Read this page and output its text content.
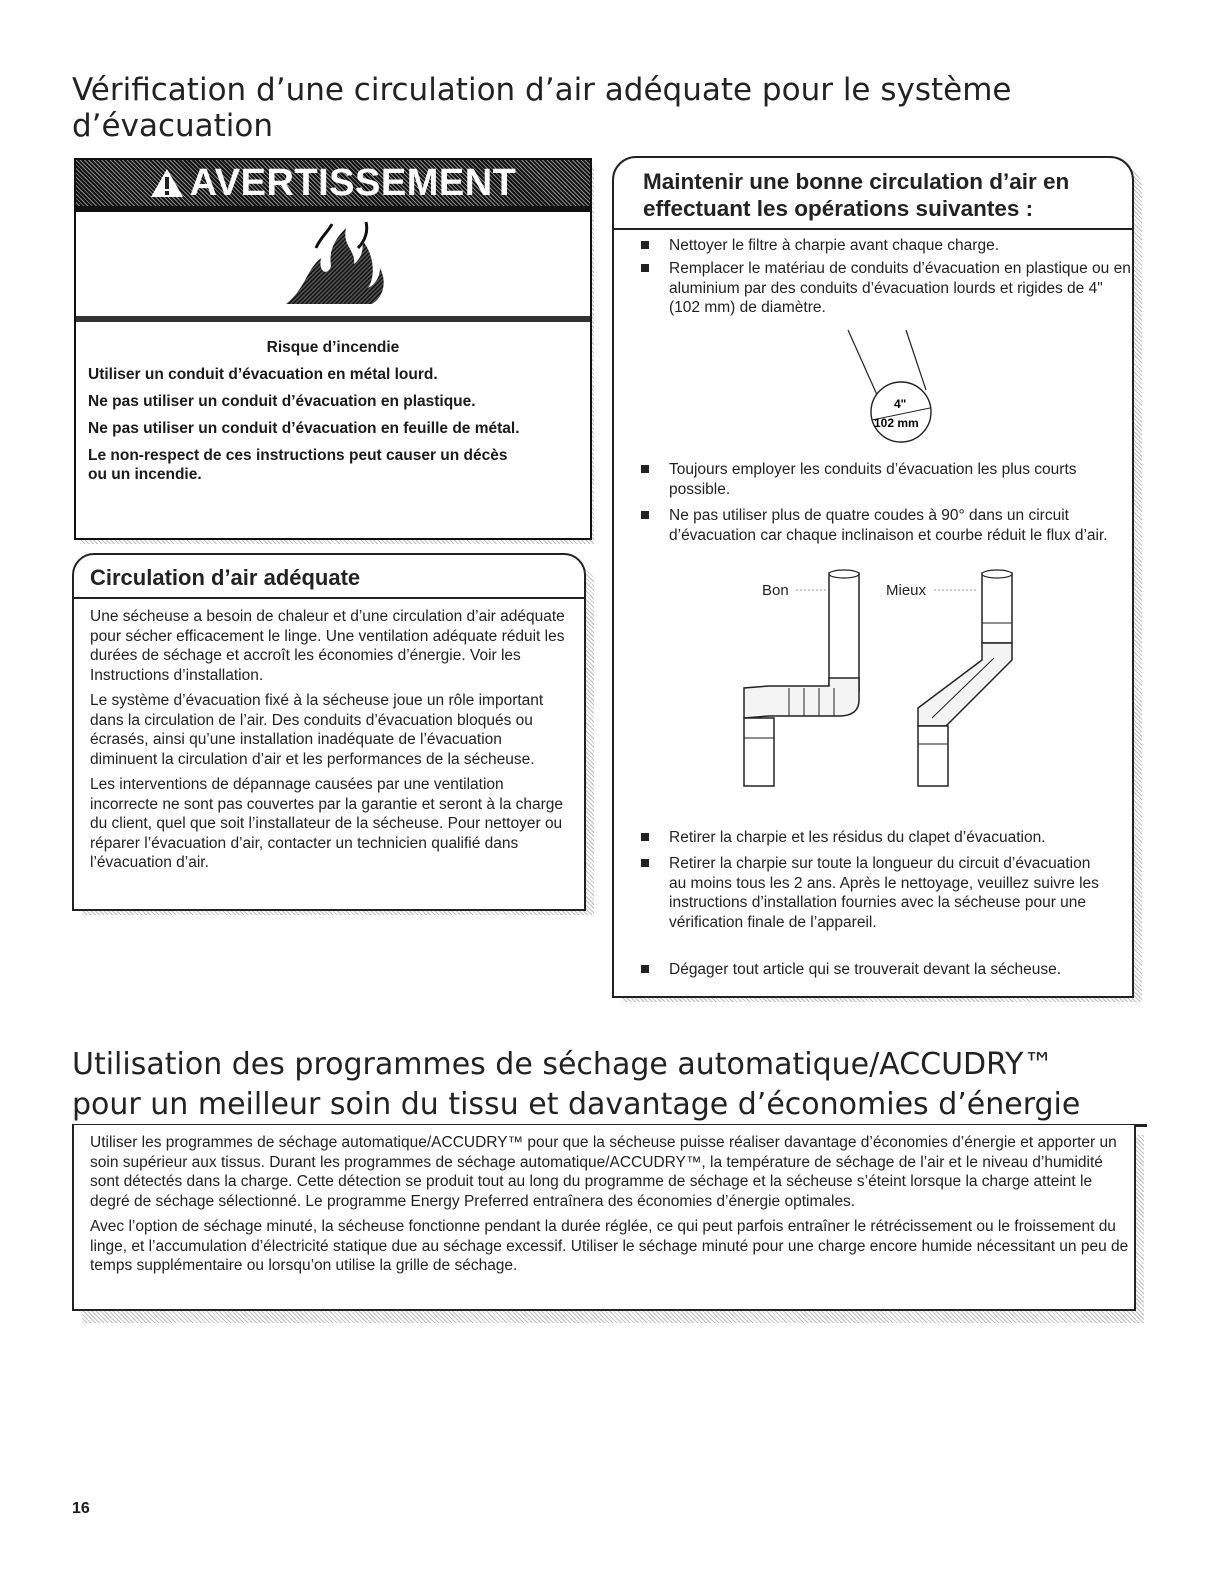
Vérification d’une circulation d’air adéquate pour le système d’évacuation
AVERTISSEMENT

Risque d’incendie

Utiliser un conduit d’évacuation en métal lourd.

Ne pas utiliser un conduit d’évacuation en plastique.

Ne pas utiliser un conduit d’évacuation en feuille de métal.

Le non-respect de ces instructions peut causer un décès ou un incendie.

Circulation d’air adéquate

Une sécheuse a besoin de chaleur et d’une circulation d’air adéquate pour sécher efficacement le linge. Une ventilation adéquate réduit les durées de séchage et accroît les économies d’énergie. Voir les Instructions d’installation.

Le système d’évacuation fixé à la sécheuse joue un rôle important dans la circulation de l’air. Des conduits d’évacuation bloqués ou écrasés, ainsi qu’une installation inadéquate de l’évacuation diminuent la circulation d’air et les performances de la sécheuse.

Les interventions de dépannage causées par une ventilation incorrecte ne sont pas couvertes par la garantie et seront à la charge du client, quel que soit l’installateur de la sécheuse. Pour nettoyer ou réparer l’évacuation d’air, contacter un technicien qualifié dans l’évacuation d’air.

Maintenir une bonne circulation d’air en effectuant les opérations suivantes :
Nettoyer le filtre à charpie avant chaque charge.
Remplacer le matériau de conduits d’évacuation en plastique ou en aluminium par des conduits d’évacuation lourds et rigides de 4" (102 mm) de diamètre.
4"
102 mm
Toujours employer les conduits d’évacuation les plus courts possible.
Ne pas utiliser plus de quatre coudes à 90° dans un circuit d’évacuation car chaque inclinaison et courbe réduit le flux d’air.
Bon	Mieux
Retirer la charpie et les résidus du clapet d’évacuation.
Retirer la charpie sur toute la longueur du circuit d’évacuation au moins tous les 2 ans. Après le nettoyage, veuillez suivre les instructions d’installation fournies avec la sécheuse pour une vérification finale de l’appareil.
Dégager tout article qui se trouverait devant la sécheuse.
Utilisation des programmes de séchage automatique/ACCUDRY™
pour un meilleur soin du tissu et davantage d’économies d’énergie

Utiliser les programmes de séchage automatique/ACCUDRY™ pour que la sécheuse puisse réaliser davantage d’économies d’énergie et apporter un soin supérieur aux tissus. Durant les programmes de séchage automatique/ACCUDRY™, la température de séchage de l’air et le niveau d’humidité sont détectés dans la charge. Cette détection se produit tout au long du programme de séchage et la sécheuse s’éteint lorsque la charge atteint le degré de séchage sélectionné. Le programme Energy Preferred entraînera des économies d’énergie optimales.

Avec l’option de séchage minuté, la sécheuse fonctionne pendant la durée réglée, ce qui peut parfois entraîner le rétrécissement ou le froissement du linge, et l’accumulation d’électricité statique due au séchage excessif. Utiliser le séchage minuté pour une charge encore humide nécessitant un peu de temps supplémentaire ou lorsqu’on utilise la grille de séchage.

16
